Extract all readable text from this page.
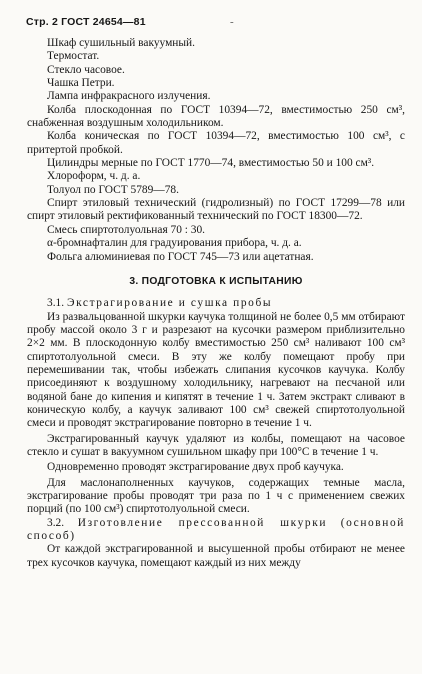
Стр. 2 ГОСТ 24654—81	-

Шкаф сушильный вакуумный.

Термостат.

Стекло часовое.

Чашка Петри.

Лампа инфракрасного излучения.

Колба плоскодонная по ГОСТ 10394—72, вместимостью 250 см³, снабженная воздушным холодильником.

Колба коническая по ГОСТ 10394—72, вместимостью 100 см³, с притертой пробкой.

Цилиндры мерные по ГОСТ 1770—74, вместимостью 50 и 100 см³.

Хлороформ, ч. д. а.

Толуол по ГОСТ 5789—78.

Спирт этиловый технический (гидролизный) по ГОСТ 17299—78 или спирт этиловый ректификованный технический по ГОСТ 18300—72.

Смесь спиртотолуольная 70 : 30.

α-бромнафталин для градуирования прибора, ч. д. а.

Фольга алюминиевая по ГОСТ 745—73 или ацетатная.

3. ПОДГОТОВКА К ИСПЫТАНИЮ

3.1. Экстрагирование и сушка пробы

Из развальцованной шкурки каучука толщиной не более 0,5 мм отбирают пробу массой около 3 г и разрезают на кусочки размером приблизительно 2×2 мм. В плоскодонную колбу вместимостью 250 см³ наливают 100 см³ спиртотолуольной смеси. В эту же колбу помещают пробу при перемешивании так, чтобы избежать слипания кусочков каучука. Колбу присоединяют к воздушному холодильнику, нагревают на песчаной или водяной бане до кипения и кипятят в течение 1 ч. Затем экстракт сливают в коническую колбу, а каучук заливают 100 см³ свежей спиртотолуольной смеси и проводят экстрагирование повторно в течение 1 ч.

Экстрагированный каучук удаляют из колбы, помещают на часовое стекло и сушат в вакуумном сушильном шкафу при 100°С в течение 1 ч.

Одновременно проводят экстрагирование двух проб каучука.

Для маслонаполненных каучуков, содержащих темные масла, экстрагирование пробы проводят три раза по 1 ч с применением свежих порций (по 100 см³) спиртотолуольной смеси.

3.2. Изготовление прессованной шкурки (основной способ)

От каждой экстрагированной и высушенной пробы отбирают не менее трех кусочков каучука, помещают каждый из них между
